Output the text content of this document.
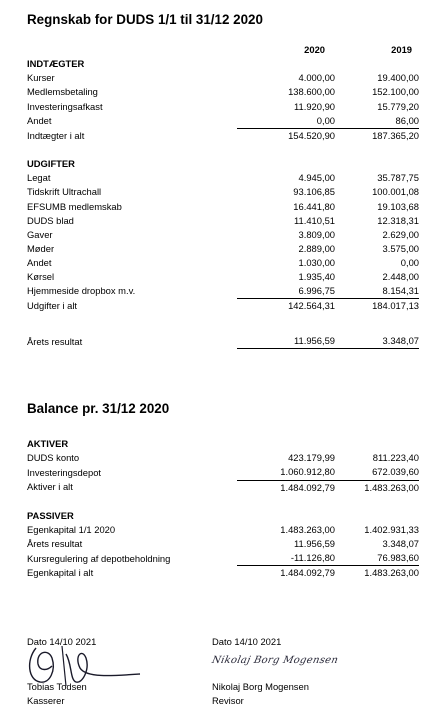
Regnskab for DUDS 1/1 til 31/12 2020
2020	2019
INDTÆGTER		
Kurser	4.000,00	19.400,00
Medlemsbetaling	138.600,00	152.100,00
Investeringsafkast	11.920,90	15.779,20
Andet	0,00	86,00
Indtægter i alt	154.520,90	187.365,20

UDGIFTER		
Legat	4.945,00	35.787,75
Tidskrift Ultrachall	93.106,85	100.001,08
EFSUMB medlemskab	16.441,80	19.103,68
DUDS blad	11.410,51	12.318,31
Gaver	3.809,00	2.629,00
Møder	2.889,00	3.575,00
Andet	1.030,00	0,00
Kørsel	1.935,40	2.448,00
Hjemmeside dropbox m.v.	6.996,75	8.154,31
Udgifter i alt	142.564,31	184.017,13

Årets resultat	11.956,59	3.348,07
Balance pr. 31/12 2020
AKTIVER		
DUDS konto	423.179,99	811.223,40
Investeringsdepot	1.060.912,80	672.039,60
Aktiver i alt	1.484.092,79	1.483.263,00

PASSIVER		
Egenkapital 1/1 2020	1.483.263,00	1.402.931,33
Årets resultat	11.956,59	3.348,07
Kursregulering af depotbeholdning	-11.126,80	76.983,60
Egenkapital i alt	1.484.092,79	1.483.263,00
Dato 14/10 2021
Tobias Todsen
Kasserer
Dato 14/10 2021
Nikolaj Borg Mogensen
Nikolaj Borg Mogensen
Revisor
